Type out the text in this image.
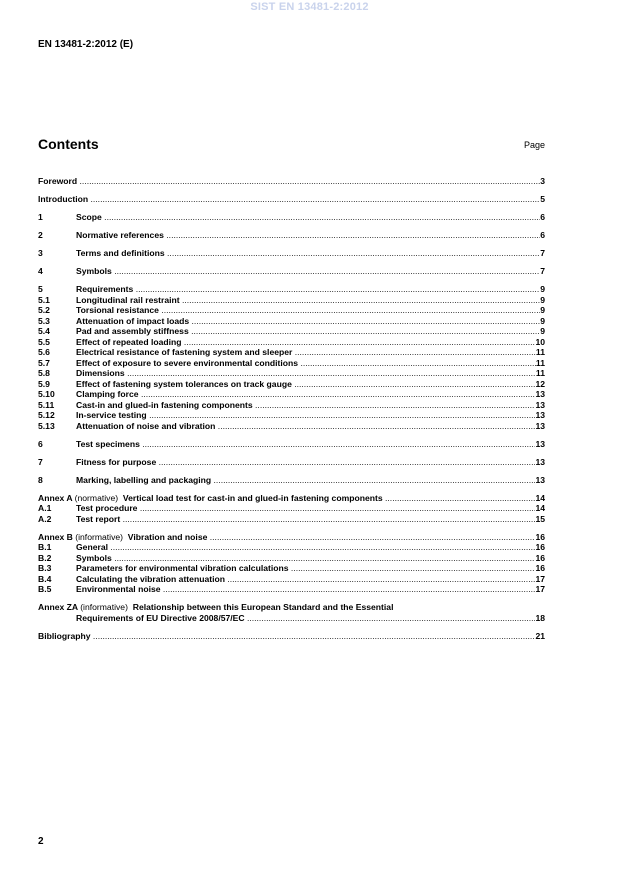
SIST EN 13481-2:2012
EN 13481-2:2012 (E)
Contents	Page
Foreword .....	3
Introduction .....	5
1	Scope .....	6
2	Normative references .....	6
3	Terms and definitions .....	7
4	Symbols .....	7
5	Requirements .....	9
5.1	Longitudinal rail restraint .....	9
5.2	Torsional resistance .....	9
5.3	Attenuation of impact loads .....	9
5.4	Pad and assembly stiffness .....	9
5.5	Effect of repeated loading .....	10
5.6	Electrical resistance of fastening system and sleeper .....	11
5.7	Effect of exposure to severe environmental conditions .....	11
5.8	Dimensions .....	11
5.9	Effect of fastening system tolerances on track gauge .....	12
5.10	Clamping force .....	13
5.11	Cast-in and glued-in fastening components .....	13
5.12	In-service testing .....	13
5.13	Attenuation of noise and vibration .....	13
6	Test specimens .....	13
7	Fitness for purpose .....	13
8	Marking, labelling and packaging .....	13
Annex A (normative) Vertical load test for cast-in and glued-in fastening components .....	14
A.1	Test procedure .....	14
A.2	Test report .....	15
Annex B (informative) Vibration and noise .....	16
B.1	General .....	16
B.2	Symbols .....	16
B.3	Parameters for environmental vibration calculations .....	16
B.4	Calculating the vibration attenuation .....	17
B.5	Environmental noise .....	17
Annex ZA (informative) Relationship between this European Standard and the Essential
Requirements of EU Directive 2008/57/EC .....	18
Bibliography .....	21
2
